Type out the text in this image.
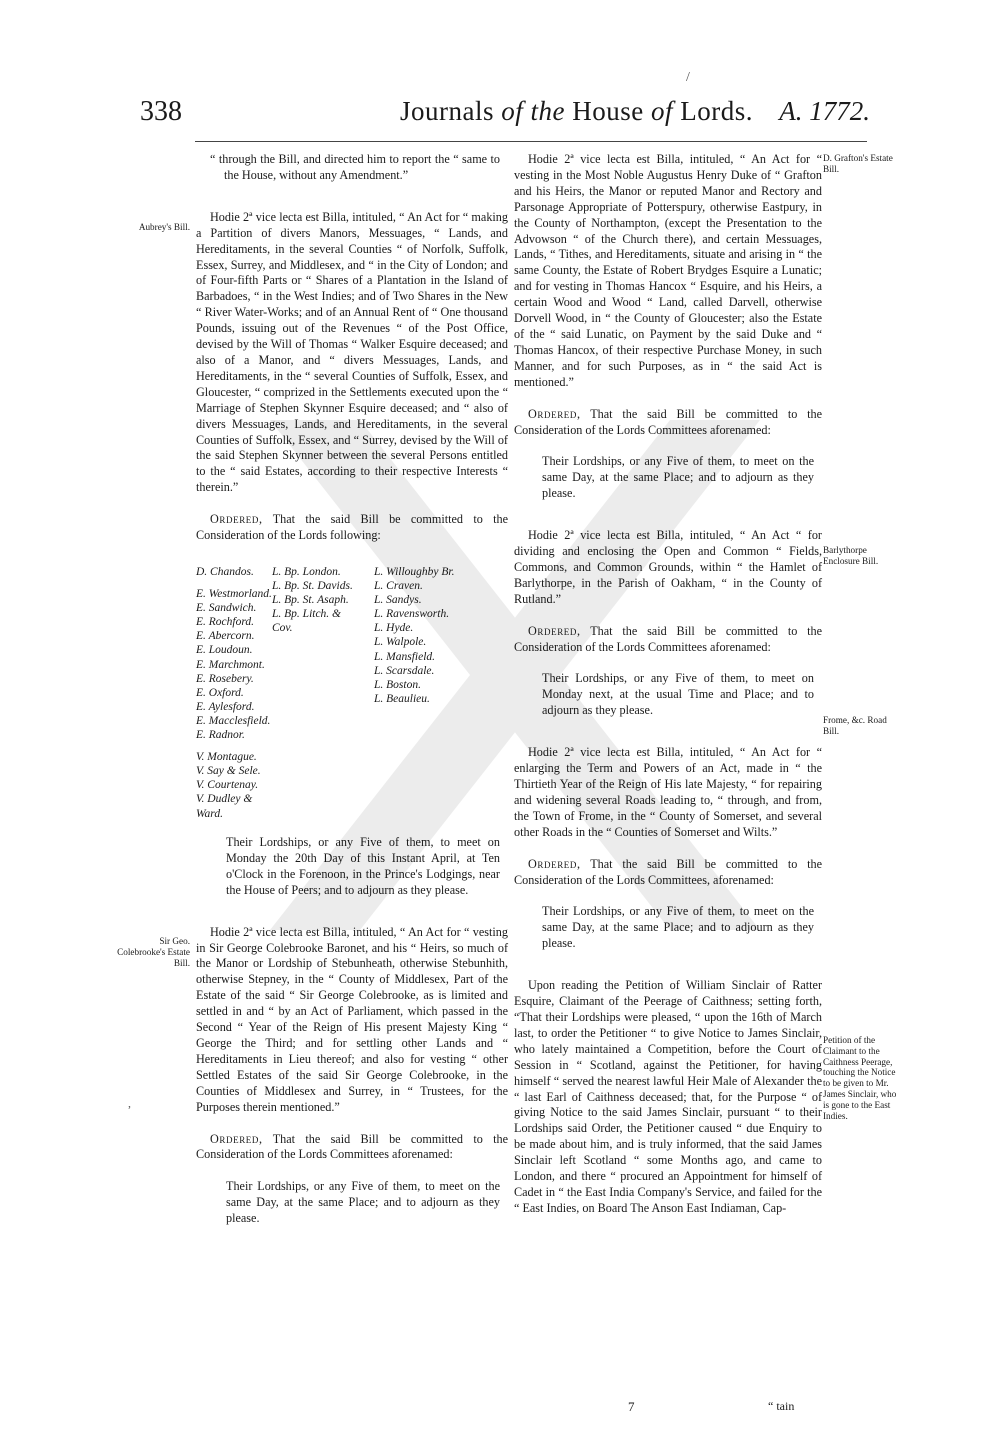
/
338	Journals of the House of Lords. A. 1772.

“ through the Bill, and directed him to report the “ same to the House, without any Amendment.”

Hodie 2ª vice lecta est Billa, intituled, “ An Act for “ making a Partition of divers Manors, Messuages, “ Lands, and Hereditaments, in the several Counties “ of Norfolk, Suffolk, Essex, Surrey, and Middlesex, and “ in the City of London; and of Four-fifth Parts or “ Shares of a Plantation in the Island of Barbadoes, “ in the West Indies; and of Two Shares in the New “ River Water-Works; and of an Annual Rent of “ One thousand Pounds, issuing out of the Revenues “ of the Post Office, devised by the Will of Thomas “ Walker Esquire deceased; and also of a Manor, and “ divers Messuages, Lands, and Hereditaments, in the “ several Counties of Suffolk, Essex, and Gloucester, “ comprized in the Settlements executed upon the “ Marriage of Stephen Skynner Esquire deceased; and “ also of divers Messuages, Lands, and Hereditaments, in the several Counties of Suffolk, Essex, and “ Surrey, devised by the Will of the said Stephen Skynner between the several Persons entitled to the “ said Estates, according to their respective Interests “ therein.”

Ordered, That the said Bill be committed to the Consideration of the Lords following:

D. Chandos.
E. Westmorland.
E. Sandwich.
E. Rochford.
E. Abercorn.
E. Loudoun.
E. Marchmont.
E. Rosebery.
E. Oxford.
E. Aylesford.
E. Macclesfield.
E. Radnor.
V. Montague.
V. Say & Sele.
V. Courtenay.
V. Dudley &
Ward.
L. Bp. London.
L. Bp. St. Davids.
L. Bp. St. Asaph.
L. Bp. Litch. &
Cov.
L. Willoughby Br.
L. Craven.
L. Sandys.
L. Ravensworth.
L. Hyde.
L. Walpole.
L. Mansfield.
L. Scarsdale.
L. Boston.
L. Beaulieu.

Their Lordships, or any Five of them, to meet on Monday the 20th Day of this Instant April, at Ten o'Clock in the Forenoon, in the Prince's Lodgings, near the House of Peers; and to adjourn as they please.

Hodie 2ª vice lecta est Billa, intituled, “ An Act for “ vesting in Sir George Colebrooke Baronet, and his “ Heirs, so much of the Manor or Lordship of Stebunheath, otherwise Stebunhith, otherwise Stepney, in the “ County of Middlesex, Part of the Estate of the said “ Sir George Colebrooke, as is limited and settled in and “ by an Act of Parliament, which passed in the Second “ Year of the Reign of His present Majesty King “ George the Third; and for settling other Lands and “ Hereditaments in Lieu thereof; and also for vesting “ other Settled Estates of the said Sir George Colebrooke, in the Counties of Middlesex and Surrey, in “ Trustees, for the Purposes therein mentioned.”

Ordered, That the said Bill be committed to the Consideration of the Lords Committees aforenamed:

Their Lordships, or any Five of them, to meet on the same Day, at the same Place; and to adjourn as they please.

Hodie 2ª vice lecta est Billa, intituled, “ An Act for “ vesting in the Most Noble Augustus Henry Duke of “ Grafton and his Heirs, the Manor or reputed Manor and Rectory and Parsonage Appropriate of Potterspury, otherwise Eastpury, in the County of Northampton, (except the Presentation to the Advowson “ of the Church there), and certain Messuages, Lands, “ Tithes, and Hereditaments, situate and arising in “ the same County, the Estate of Robert Brydges Esquire a Lunatic; and for vesting in Thomas Hancox “ Esquire, and his Heirs, a certain Wood and Wood “ Land, called Darvell, otherwise Dorvell Wood, in “ the County of Gloucester; also the Estate of the “ said Lunatic, on Payment by the said Duke and “ Thomas Hancox, of their respective Purchase Money, in such Manner, and for such Purposes, as in “ the said Act is mentioned.”

Ordered, That the said Bill be committed to the Consideration of the Lords Committees aforenamed:

Their Lordships, or any Five of them, to meet on the same Day, at the same Place; and to adjourn as they please.

Hodie 2ª vice lecta est Billa, intituled, “ An Act “ for dividing and enclosing the Open and Common “ Fields, Commons, and Common Grounds, within “ the Hamlet of Barlythorpe, in the Parish of Oakham, “ in the County of Rutland.”

Ordered, That the said Bill be committed to the Consideration of the Lords Committees aforenamed:

Their Lordships, or any Five of them, to meet on Monday next, at the usual Time and Place; and to adjourn as they please.

Hodie 2ª vice lecta est Billa, intituled, “ An Act for “ enlarging the Term and Powers of an Act, made in “ the Thirtieth Year of the Reign of His late Majesty, “ for repairing and widening several Roads leading to, “ through, and from, the Town of Frome, in the “ County of Somerset, and several other Roads in the “ Counties of Somerset and Wilts.”

Ordered, That the said Bill be committed to the Consideration of the Lords Committees, aforenamed:

Their Lordships, or any Five of them, to meet on the same Day, at the same Place; and to adjourn as they please.

Upon reading the Petition of William Sinclair of Ratter Esquire, Claimant of the Peerage of Caithness; setting forth, “That their Lordships were pleased, “ upon the 16th of March last, to order the Petitioner “ to give Notice to James Sinclair, who lately maintained a Competition, before the Court of Session in “ Scotland, against the Petitioner, for having himself “ served the nearest lawful Heir Male of Alexander the “ last Earl of Caithness deceased; that, for the Purpose “ of giving Notice to the said James Sinclair, pursuant “ to their Lordships said Order, the Petitioner caused “ due Enquiry to be made about him, and is truly informed, that the said James Sinclair left Scotland “ some Months ago, and came to London, and there “ procured an Appointment for himself of Cadet in “ the East India Company's Service, and failed for the “ East Indies, on Board The Anson East Indiaman, Cap-

Aubrey's Bill.
Sir Geo. Colebrooke's Estate Bill.
D. Grafton's Estate Bill.
Barlythorpe Enclosure Bill.
Frome, &c. Road Bill.
Petition of the Claimant to the Caithness Peerage, touching the Notice to be given to Mr. James Sinclair, who is gone to the East Indies.
,
7	“ tain
